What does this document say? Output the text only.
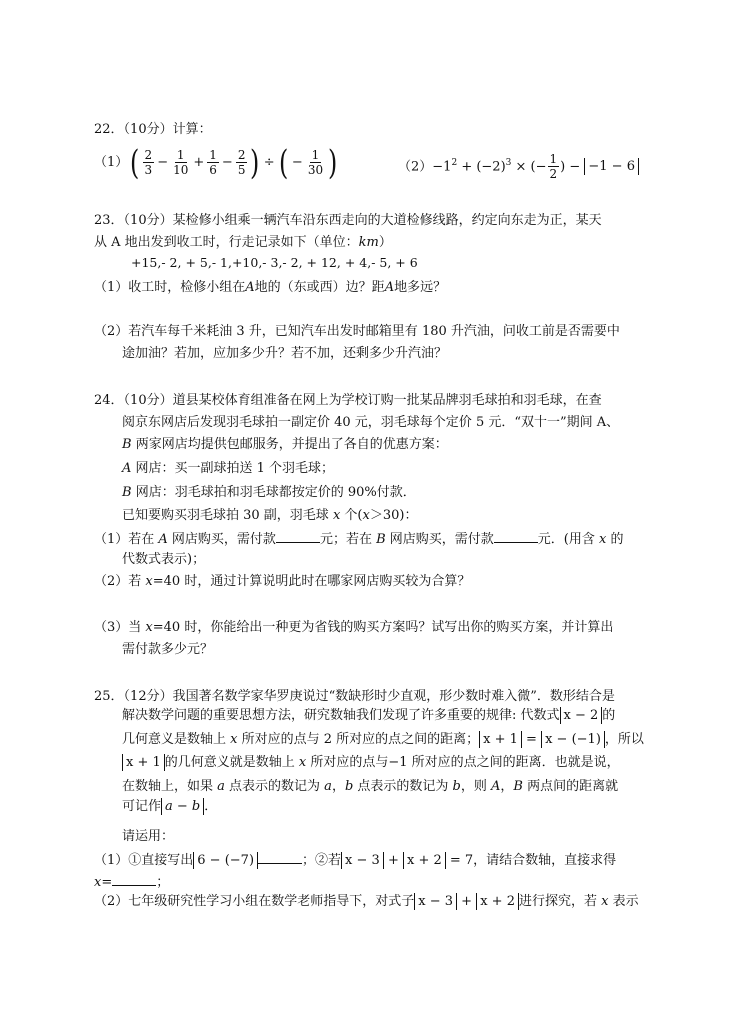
22．（10分）计算：
$(1)( \frac{2}{3} - \frac{1}{10} + \frac{1}{6} - \frac{2}{5}$ ) ÷ ( − $\frac{1}{30}$ )	$(2)-1^2 + (-2)^3$ × (− $\frac{1}{2}$ ) − −1 − 6
23．（10分）某检修小组乘一辆汽车沿东西走向的大道检修线路，约定向东走为正，某天
从 A 地出发到收工时，行走记录如下（单位：km）
+15,- 2, + 5,- 1,+10,- 3,- 2, + 12, + 4,- 5, + 6
（1）收工时，检修小组在A地的（东或西）边？距A地多远？
（2）若汽车每千米耗油 3 升，已知汽车出发时邮箱里有 180 升汽油，问收工前是否需要中
途加油？若加，应加多少升？若不加，还剩多少升汽油？
24．（10分）道县某校体育组准备在网上为学校订购一批某品牌羽毛球拍和羽毛球，在查
阅京东网店后发现羽毛球拍一副定价 40 元，羽毛球每个定价 5 元．“双十一”期间 A、
B 两家网店均提供包邮服务，并提出了各自的优惠方案：
A 网店：买一副球拍送 1 个羽毛球；
B 网店：羽毛球拍和羽毛球都按定价的 90%付款．
已知要购买羽毛球拍 30 副，羽毛球 x 个(x＞30)：
（1）若在 A 网店购买，需付款	元；若在 B 网店购买，需付款	元．(用含 x 的
代数式表示)；
（2）若 x=40 时，通过计算说明此时在哪家网店购买较为合算？
（3）当 x=40 时，你能给出一种更为省钱的购买方案吗？试写出你的购买方案，并计算出
需付款多少元？
25．（12分）我国著名数学家华罗庚说过“数缺形时少直观，形少数时难入微”．数形结合是
解决数学问题的重要思想方法，研究数轴我们发现了许多重要的规律: 代数式 x − 2 的
几何意义是数轴上 x 所对应的点与 2 所对应的点之间的距离； x + 1 = x − (−1) ，所以
x + 1 的几何意义就是数轴上 x 所对应的点与−1 所对应的点之间的距离．也就是说，
在数轴上，如果 a 点表示的数记为 a，b 点表示的数记为 b，则 A，B 两点间的距离就
可记作 a − b ．
请运用：
（1）①直接写出 6 − (−7)	；②若 x − 3 + x + 2 = 7，请结合数轴，直接求得
x=	；
（2）七年级研究性学习小组在数学老师指导下，对式子 x − 3 + x + 2 进行探究，若 x 表示
